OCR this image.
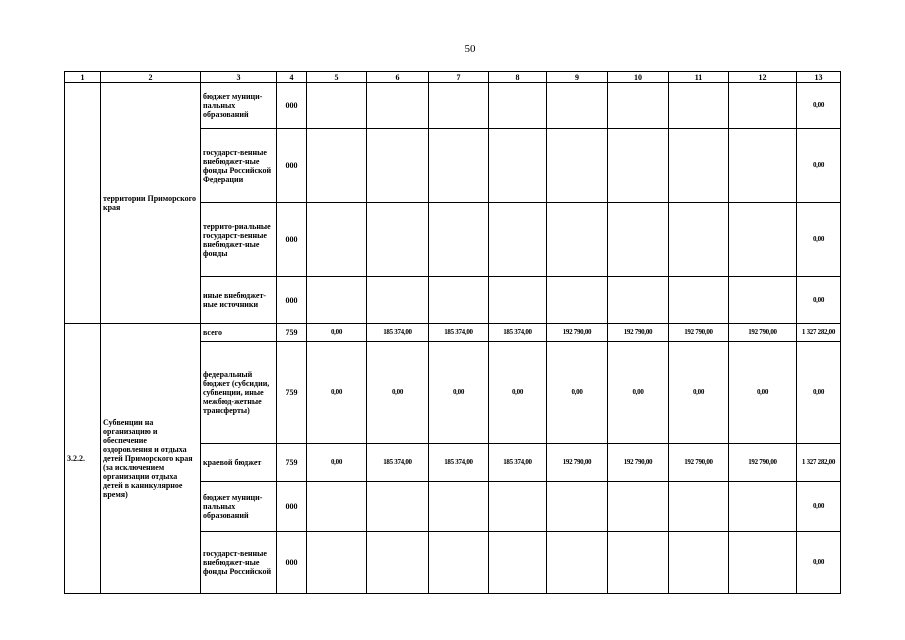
50
1	2	3	4	5	6	7	8	9	10	11	12	13
	территории Приморского края	бюджет муници-пальных образований	000									0,00
		государст-венные внебюджет-ные фонды Российской Федерации	000									0,00
		террито-риальные государст-венные внебюджет-ные фонды	000									0,00
		иные внебюджет-ные источники	000									0,00
3.2.2.	Субвенции на организацию и обеспечение оздоровления и отдыха детей Приморского края (за исключением организации отдыха детей в каникулярное время)	всего	759	0,00	185 374,00	185 374,00	185 374,00	192 790,00	192 790,00	192 790,00	192 790,00	1 327 282,00
		федеральный бюджет (субсидии, субвенции, иные межбюд-жетные трансферты)	759	0,00	0,00	0,00	0,00	0,00	0,00	0,00	0,00	0,00
		краевой бюджет	759	0,00	185 374,00	185 374,00	185 374,00	192 790,00	192 790,00	192 790,00	192 790,00	1 327 282,00
		бюджет муници-пальных образований	000									0,00
		государст-венные внебюджет-ные фонды Российской	000									0,00
